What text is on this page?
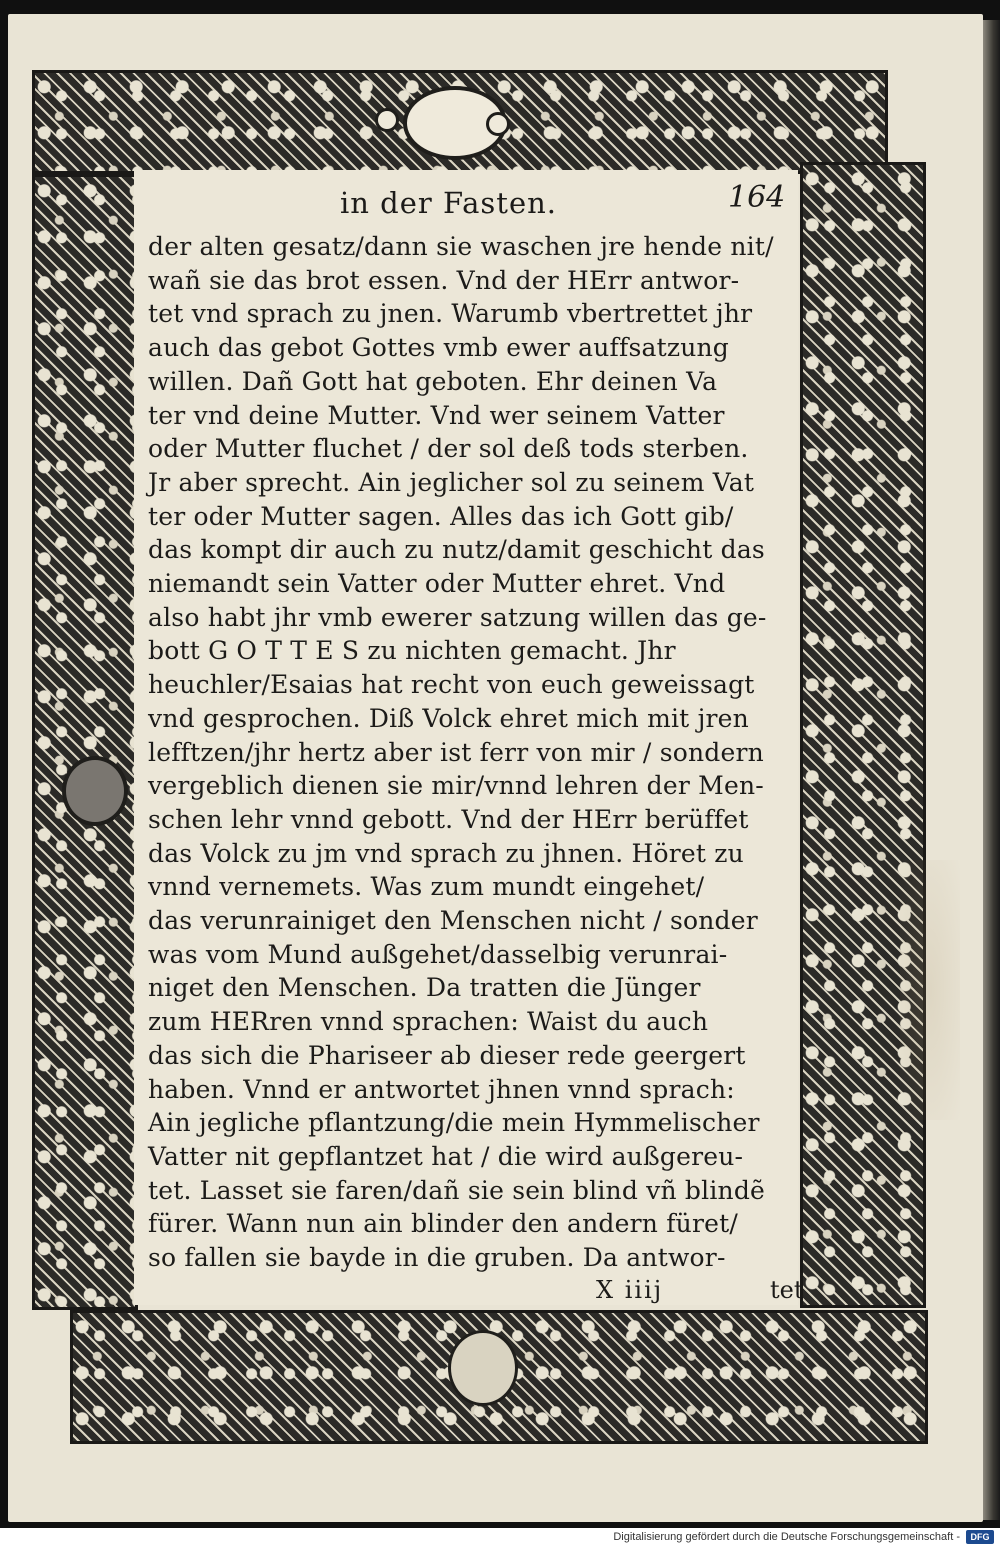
in der Fasten.	164
der alten gesatz/dann sie waschen jre hende nit/
wañ sie das brot essen. Vnd der HErr antwor-
tet vnd sprach zu jnen. Warumb vbertrettet jhr
auch das gebot Gottes vmb ewer auffsatzung
willen. Dañ Gott hat geboten. Ehr deinen Va
ter vnd deine Mutter. Vnd wer seinem Vatter
oder Mutter fluchet / der sol deß tods sterben.
Jr aber sprecht. Ain jeglicher sol zu seinem Vat
ter oder Mutter sagen. Alles das ich Gott gib/
das kompt dir auch zu nutz/damit geschicht das
niemandt sein Vatter oder Mutter ehret. Vnd
also habt jhr vmb ewerer satzung willen das ge-
bott G O T T E S zu nichten gemacht. Jhr
heuchler/Esaias hat recht von euch geweissagt
vnd gesprochen. Diß Volck ehret mich mit jren
lefftzen/jhr hertz aber ist ferr von mir / sondern
vergeblich dienen sie mir/vnnd lehren der Men-
schen lehr vnnd gebott. Vnd der HErr berüffet
das Volck zu jm vnd sprach zu jhnen. Höret zu
vnnd vernemets. Was zum mundt eingehet/
das verunrainiget den Menschen nicht / sonder
was vom Mund außgehet/dasselbig verunrai-
niget den Menschen. Da tratten die Jünger
zum HERren vnnd sprachen: Waist du auch
das sich die Phariseer ab dieser rede geergert
haben. Vnnd er antwortet jhnen vnnd sprach:
Ain jegliche pflantzung/die mein Hymmelischer
Vatter nit gepflantzet hat / die wird außgereu-
tet. Lasset sie faren/dañ sie sein blind vñ blindẽ
fürer. Wann nun ain blinder den andern füret/
so fallen sie bayde in die gruben. Da antwor-
X iiij	tet
Digitalisierung gefördert durch die Deutsche Forschungsgemeinschaft -	DFG
